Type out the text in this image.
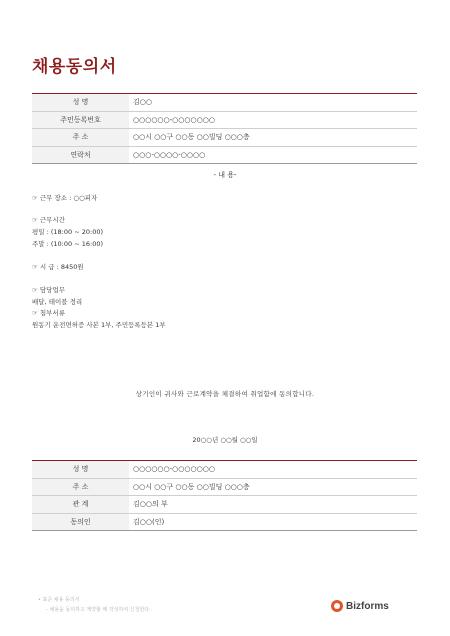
채용동의서
성 명	김○○
주민등록번호	○○○○○○-○○○○○○○
주 소	○○시 ○○구 ○○동 ○○빌딩 ○○○층
연락처	○○○-○○○○-○○○○
- 내 용-
☞ 근무 장소 : ○○피자
☞ 근무시간
평일 : (18:00 ~ 20:00)
주말 : (10:00 ~ 16:00)
☞ 시 급 : 8450원
☞ 담당업무
배달, 테이블 정리
☞ 첨부서류
원동기 운전면허증 사본 1부, 주민등록등본 1부
상기인이 귀사와 근로계약을 체결하여 취업함에 동의합니다.
20○○년 ○○월 ○○일
성 명	○○○○○○-○○○○○○○
주 소	○○시 ○○구 ○○동 ○○빌딩 ○○○층
관 계	김○○의 부
동의인	김○○(인)
• 표준 채용 동의서
- 채용을 동의하고 계약할 때 작성하여 신청한다.	Bizforms
